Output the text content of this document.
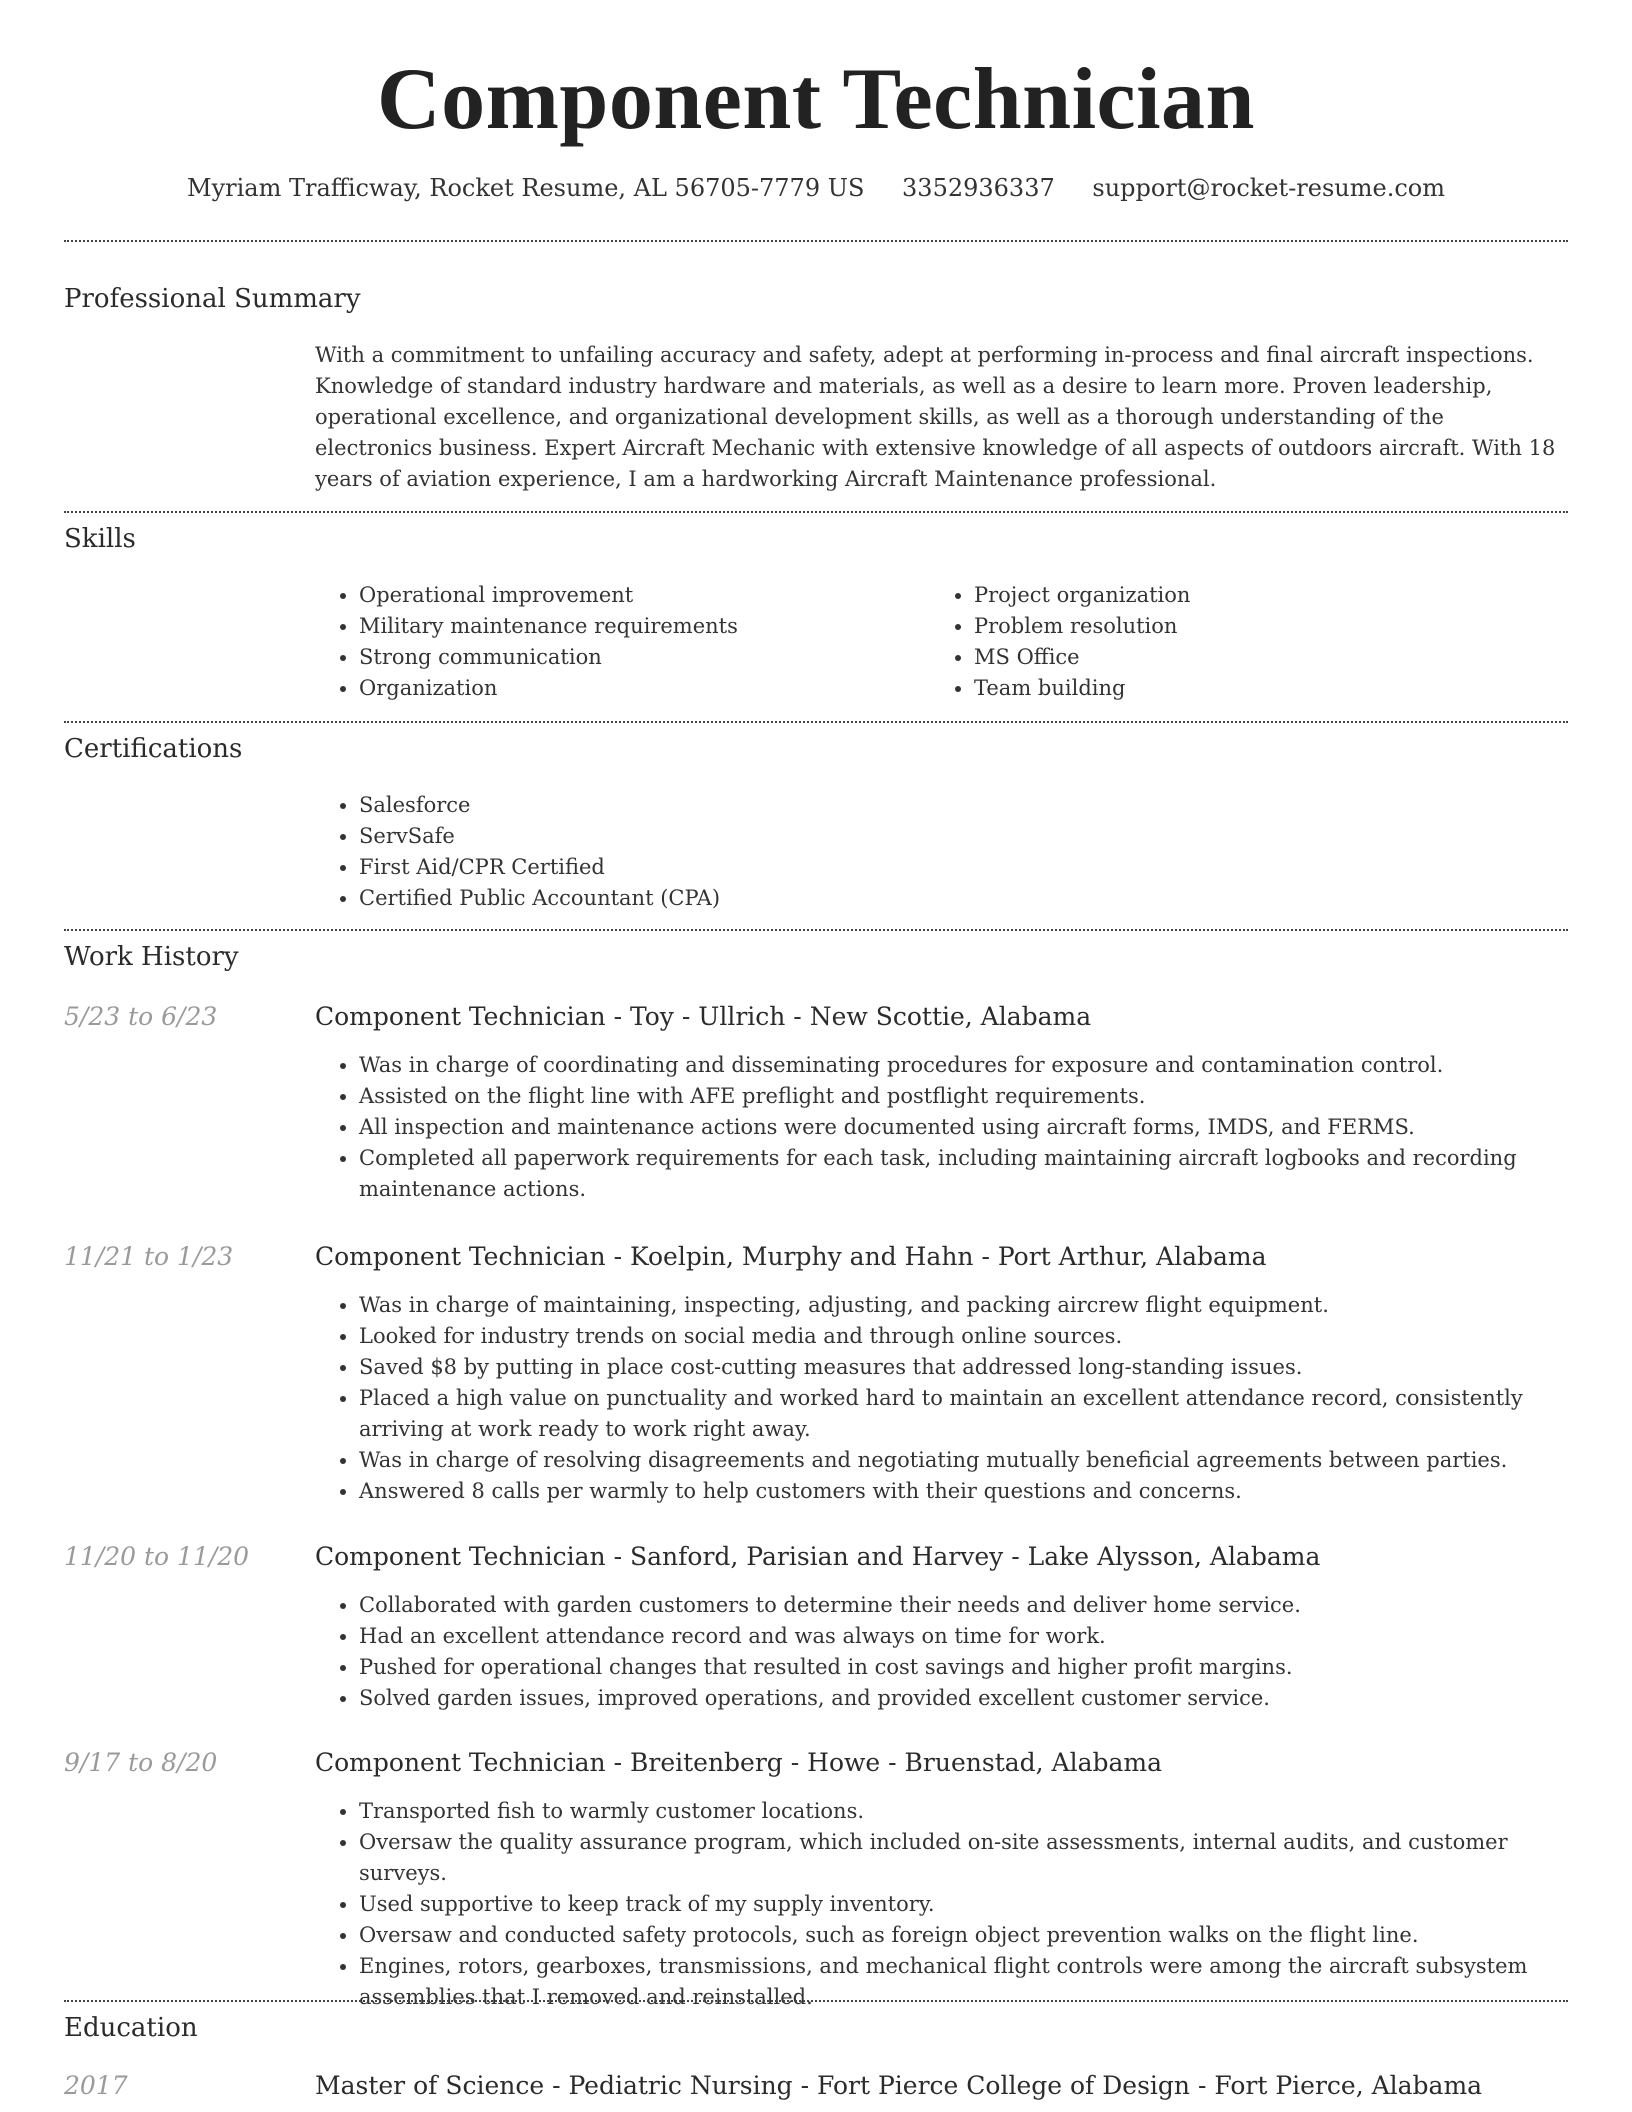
Component Technician
Myriam Trafficway, Rocket Resume, AL 56705-7779 US 3352936337 support@rocket-resume.com
Professional Summary

With a commitment to unfailing accuracy and safety, adept at performing in-process and final aircraft inspections. Knowledge of standard industry hardware and materials, as well as a desire to learn more. Proven leadership, operational excellence, and organizational development skills, as well as a thorough understanding of the electronics business. Expert Aircraft Mechanic with extensive knowledge of all aspects of outdoors aircraft. With 18 years of aviation experience, I am a hardworking Aircraft Maintenance professional.

Skills
• Operational improvement
• Military maintenance requirements
• Strong communication
• Organization
• Project organization
• Problem resolution
• MS Office
• Team building
Certifications
• Salesforce
• ServSafe
• First Aid/CPR Certified
• Certified Public Accountant (CPA)
Work History
5/23 to 6/23	Component Technician - Toy - Ullrich - New Scottie, Alabama
• Was in charge of coordinating and disseminating procedures for exposure and contamination control.
• Assisted on the flight line with AFE preflight and postflight requirements.
• All inspection and maintenance actions were documented using aircraft forms, IMDS, and FERMS.
• Completed all paperwork requirements for each task, including maintaining aircraft logbooks and recording maintenance actions.
11/21 to 1/23	Component Technician - Koelpin, Murphy and Hahn - Port Arthur, Alabama
• Was in charge of maintaining, inspecting, adjusting, and packing aircrew flight equipment.
• Looked for industry trends on social media and through online sources.
• Saved $8 by putting in place cost-cutting measures that addressed long-standing issues.
• Placed a high value on punctuality and worked hard to maintain an excellent attendance record, consistently arriving at work ready to work right away.
• Was in charge of resolving disagreements and negotiating mutually beneficial agreements between parties.
• Answered 8 calls per warmly to help customers with their questions and concerns.
11/20 to 11/20	Component Technician - Sanford, Parisian and Harvey - Lake Alysson, Alabama
• Collaborated with garden customers to determine their needs and deliver home service.
• Had an excellent attendance record and was always on time for work.
• Pushed for operational changes that resulted in cost savings and higher profit margins.
• Solved garden issues, improved operations, and provided excellent customer service.
9/17 to 8/20	Component Technician - Breitenberg - Howe - Bruenstad, Alabama
• Transported fish to warmly customer locations.
• Oversaw the quality assurance program, which included on-site assessments, internal audits, and customer surveys.
• Used supportive to keep track of my supply inventory.
• Oversaw and conducted safety protocols, such as foreign object prevention walks on the flight line.
• Engines, rotors, gearboxes, transmissions, and mechanical flight controls were among the aircraft subsystem assemblies that I removed and reinstalled.
Education
2017	Master of Science - Pediatric Nursing - Fort Pierce College of Design - Fort Pierce, Alabama
